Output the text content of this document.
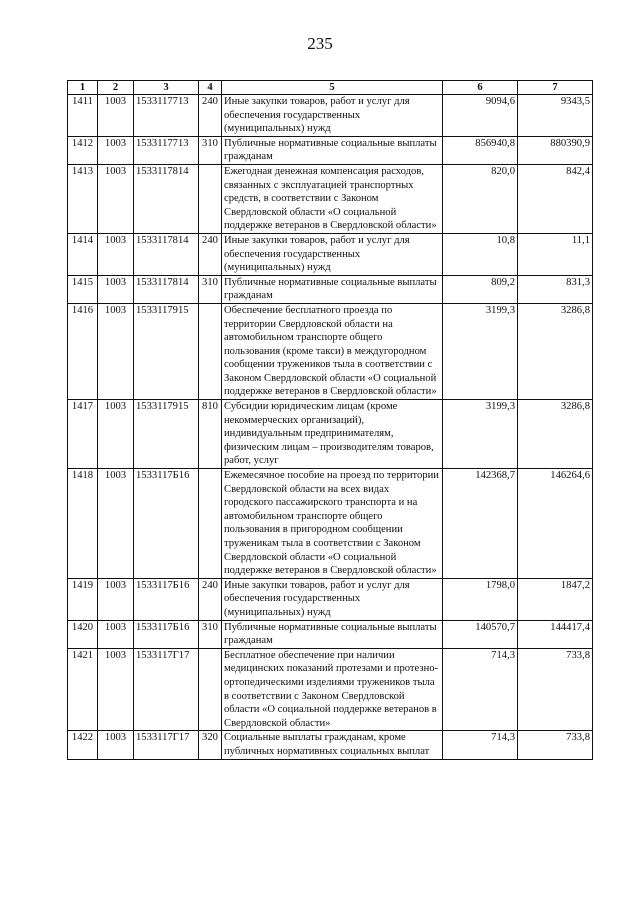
235
1	2	3	4	5	6	7
1411	1003	1533117713	240	Иные закупки товаров, работ и услуг для обеспечения государственных (муниципальных) нужд	9094,6	9343,5
1412	1003	1533117713	310	Публичные нормативные социальные выплаты гражданам	856940,8	880390,9
1413	1003	1533117814		Ежегодная денежная компенсация расходов, связанных с эксплуатацией транспортных средств, в соответствии с Законом Свердловской области «О социальной поддержке ветеранов в Свердловской области»	820,0	842,4
1414	1003	1533117814	240	Иные закупки товаров, работ и услуг для обеспечения государственных (муниципальных) нужд	10,8	11,1
1415	1003	1533117814	310	Публичные нормативные социальные выплаты гражданам	809,2	831,3
1416	1003	1533117915		Обеспечение бесплатного проезда по территории Свердловской области на автомобильном транспорте общего пользования (кроме такси) в междугородном сообщении тружеников тыла в соответствии с Законом Свердловской области «О социальной поддержке ветеранов в Свердловской области»	3199,3	3286,8
1417	1003	1533117915	810	Субсидии юридическим лицам (кроме некоммерческих организаций), индивидуальным предпринимателям, физическим лицам – производителям товаров, работ, услуг	3199,3	3286,8
1418	1003	1533117Б16		Ежемесячное пособие на проезд по территории Свердловской области на всех видах городского пассажирского транспорта и на автомобильном транспорте общего пользования в пригородном сообщении труженикам тыла в соответствии с Законом Свердловской области «О социальной поддержке ветеранов в Свердловской области»	142368,7	146264,6
1419	1003	1533117Б16	240	Иные закупки товаров, работ и услуг для обеспечения государственных (муниципальных) нужд	1798,0	1847,2
1420	1003	1533117Б16	310	Публичные нормативные социальные выплаты гражданам	140570,7	144417,4
1421	1003	1533117Г17		Бесплатное обеспечение при наличии медицинских показаний протезами и протезно-ортопедическими изделиями тружеников тыла в соответствии с Законом Свердловской области «О социальной поддержке ветеранов в Свердловской области»	714,3	733,8
1422	1003	1533117Г17	320	Социальные выплаты гражданам, кроме публичных нормативных социальных выплат	714,3	733,8
